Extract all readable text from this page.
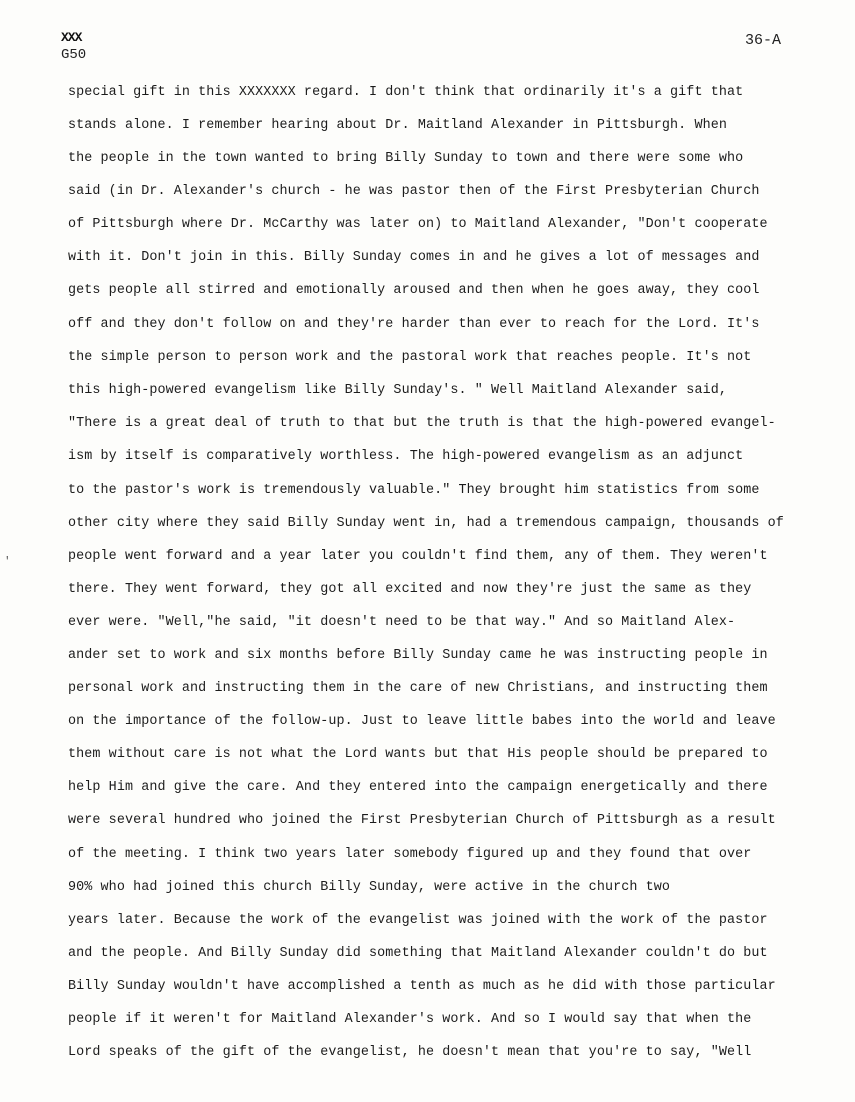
XXX
G50
36-A
special gift in this XXXXXXX regard. I don't think that ordinarily it's a gift that
stands alone. I remember hearing about Dr. Maitland Alexander in Pittsburgh. When
the people in the town wanted to bring Billy Sunday to town and there were some who
said (in Dr. Alexander's church - he was pastor then of the First Presbyterian Church
of Pittsburgh where Dr. McCarthy was later on) to Maitland Alexander, "Don't cooperate
with it. Don't join in this. Billy Sunday comes in and he gives a lot of messages and
gets people all stirred and emotionally aroused and then when he goes away, they cool
off and they don't follow on and they're harder than ever to reach for the Lord. It's
the simple person to person work and the pastoral work that reaches people. It's not
this high-powered evangelism like Billy Sunday's. " Well Maitland Alexander said,
"There is a great deal of truth to that but the truth is that the high-powered evangel-
ism by itself is comparatively worthless. The high-powered evangelism as an adjunct
to the pastor's work is tremendously valuable." They brought him statistics from some
other city where they said Billy Sunday went in, had a tremendous campaign, thousands of
people went forward and a year later you couldn't find them, any of them. They weren't
there. They went forward, they got all excited and now they're just the same as they
ever were. "Well,"he said, "it doesn't need to be that way." And so Maitland Alex-
ander set to work and six months before Billy Sunday came he was instructing people in
personal work and instructing them in the care of new Christians, and instructing them
on the importance of the follow-up. Just to leave little babes into the world and leave
them without care is not what the Lord wants but that His people should be prepared to
help Him and give the care. And they entered into the campaign energetically and there
were several hundred who joined the First Presbyterian Church of Pittsburgh as a result
of the meeting. I think two years later somebody figured up and they found that over
90% who had joined this church Billy Sunday, were active in the church two
years later. Because the work of the evangelist was joined with the work of the pastor
and the people. And Billy Sunday did something that Maitland Alexander couldn't do but
Billy Sunday wouldn't have accomplished a tenth as much as he did with those particular
people if it weren't for Maitland Alexander's work. And so I would say that when the
Lord speaks of the gift of the evangelist, he doesn't mean that you're to say, "Well
ʹ
